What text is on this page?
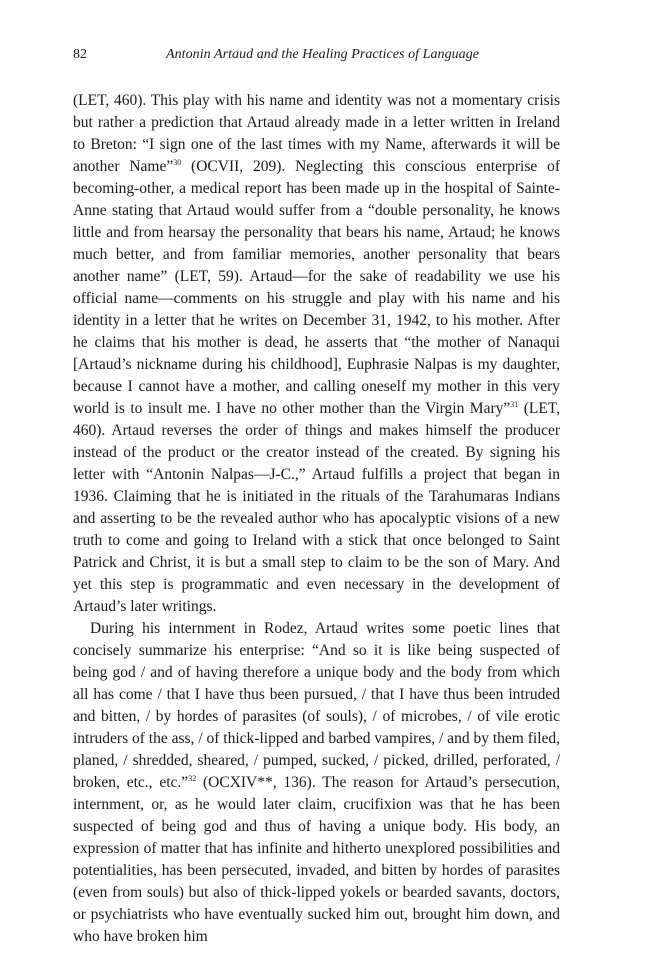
82	Antonin Artaud and the Healing Practices of Language

(LET, 460). This play with his name and identity was not a momentary crisis but rather a prediction that Artaud already made in a letter written in Ireland to Breton: “I sign one of the last times with my Name, afterwards it will be another Name”$^{30}$ (OCVII, 209). Neglecting this conscious enterprise of becoming-other, a medical report has been made up in the hospital of Sainte-Anne stating that Artaud would suffer from a “double personality, he knows little and from hearsay the personality that bears his name, Artaud; he knows much better, and from familiar memories, another personality that bears another name” (LET, 59). Artaud—for the sake of readability we use his official name—comments on his struggle and play with his name and his identity in a letter that he writes on December 31, 1942, to his mother. After he claims that his mother is dead, he asserts that “the mother of Nanaqui [Artaud’s nickname during his childhood], Euphrasie Nalpas is my daughter, because I cannot have a mother, and calling oneself my mother in this very world is to insult me. I have no other mother than the Virgin Mary”$^{31}$ (LET, 460). Artaud reverses the order of things and makes himself the producer instead of the product or the creator instead of the created. By signing his letter with “Antonin Nalpas—J-C.,” Artaud fulfills a project that began in 1936. Claiming that he is initiated in the rituals of the Tarahumaras Indians and asserting to be the revealed author who has apocalyptic visions of a new truth to come and going to Ireland with a stick that once belonged to Saint Patrick and Christ, it is but a small step to claim to be the son of Mary. And yet this step is programmatic and even necessary in the development of Artaud’s later writings.

During his internment in Rodez, Artaud writes some poetic lines that concisely summarize his enterprise: “And so it is like being suspected of being god / and of having therefore a unique body and the body from which all has come / that I have thus been pursued, / that I have thus been intruded and bitten, / by hordes of parasites (of souls), / of microbes, / of vile erotic intruders of the ass, / of thick-lipped and barbed vampires, / and by them filed, planed, / shredded, sheared, / pumped, sucked, / picked, drilled, perforated, / broken, etc., etc.”$^{32}$ (OCXIV**, 136). The reason for Artaud’s persecution, internment, or, as he would later claim, crucifixion was that he has been suspected of being god and thus of having a unique body. His body, an expression of matter that has infinite and hitherto unexplored possibilities and potentialities, has been persecuted, invaded, and bitten by hordes of parasites (even from souls) but also of thick-lipped yokels or bearded savants, doctors, or psychiatrists who have eventually sucked him out, brought him down, and who have broken him
